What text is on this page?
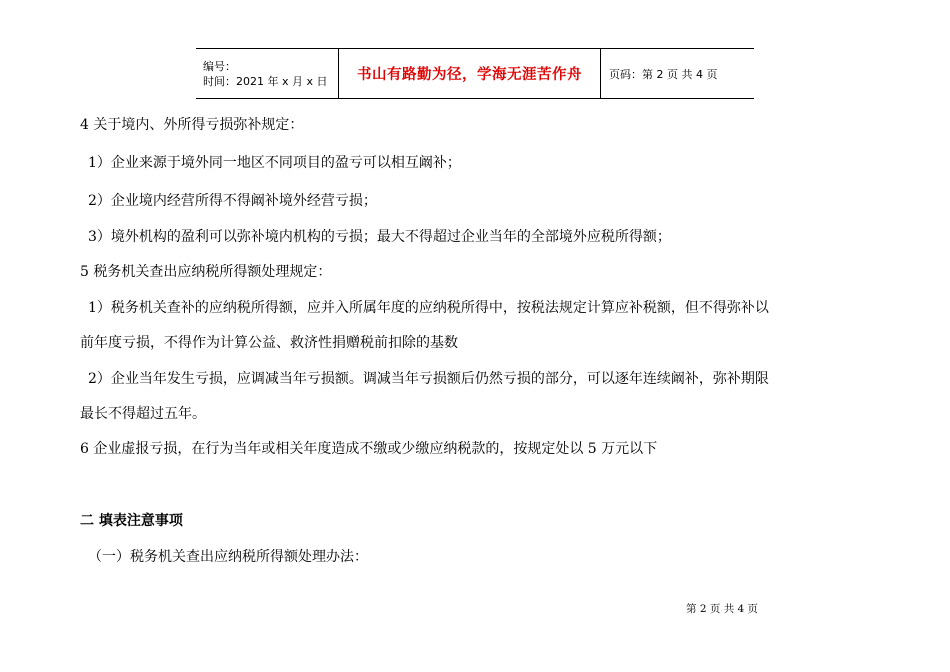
编号：
时间：2021 年 x 月 x 日	书山有路勤为径，学海无涯苦作舟	页码：第 2 页 共 4 页
4 关于境内、外所得亏损弥补规定：
1）企业来源于境外同一地区不同项目的盈亏可以相互阚补；
2）企业境内经营所得不得阚补境外经营亏损；
3）境外机构的盈利可以弥补境内机构的亏损；最大不得超过企业当年的全部境外应税所得额；
5 税务机关查出应纳税所得额处理规定：
1）税务机关查补的应纳税所得额，应并入所属年度的应纳税所得中，按税法规定计算应补税额，但不得弥补以
前年度亏损，不得作为计算公益、救济性捐赠税前扣除的基数
2）企业当年发生亏损，应调减当年亏损额。调减当年亏损额后仍然亏损的部分，可以逐年连续阚补，弥补期限
最长不得超过五年。
6 企业虚报亏损，在行为当年或相关年度造成不缴或少缴应纳税款的，按规定处以 5 万元以下
二 填表注意事项
（一）税务机关查出应纳税所得额处理办法：
第 2 页 共 4 页
